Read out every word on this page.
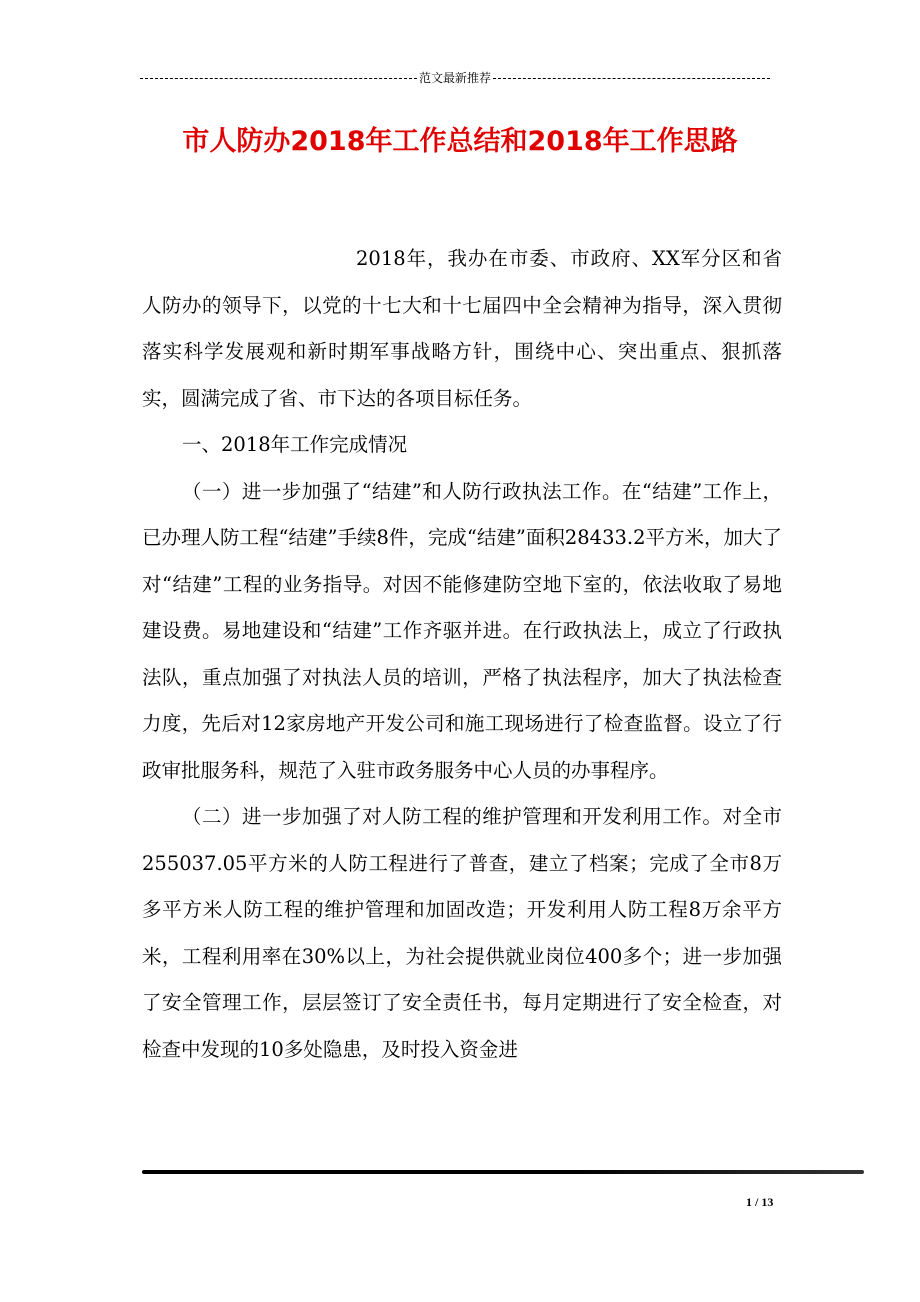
范文最新推荐
市人防办2018年工作总结和2018年工作思路

2018年，我办在市委、市政府、XX军分区和省人防办的领导下，以党的十七大和十七届四中全会精神为指导，深入贯彻落实科学发展观和新时期军事战略方针，围绕中心、突出重点、狠抓落实，圆满完成了省、市下达的各项目标任务。

一、2018年工作完成情况

（一）进一步加强了“结建”和人防行政执法工作。在“结建”工作上，已办理人防工程“结建”手续8件，完成“结建”面积28433.2平方米，加大了对“结建”工程的业务指导。对因不能修建防空地下室的，依法收取了易地建设费。易地建设和“结建”工作齐驱并进。在行政执法上，成立了行政执法队，重点加强了对执法人员的培训，严格了执法程序，加大了执法检查力度，先后对12家房地产开发公司和施工现场进行了检查监督。设立了行政审批服务科，规范了入驻市政务服务中心人员的办事程序。

（二）进一步加强了对人防工程的维护管理和开发利用工作。对全市255037.05平方米的人防工程进行了普查，建立了档案；完成了全市8万多平方米人防工程的维护管理和加固改造；开发利用人防工程8万余平方米，工程利用率在30%以上，为社会提供就业岗位400多个；进一步加强了安全管理工作，层层签订了安全责任书，每月定期进行了安全检查，对检查中发现的10多处隐患，及时投入资金进

1 / 13
